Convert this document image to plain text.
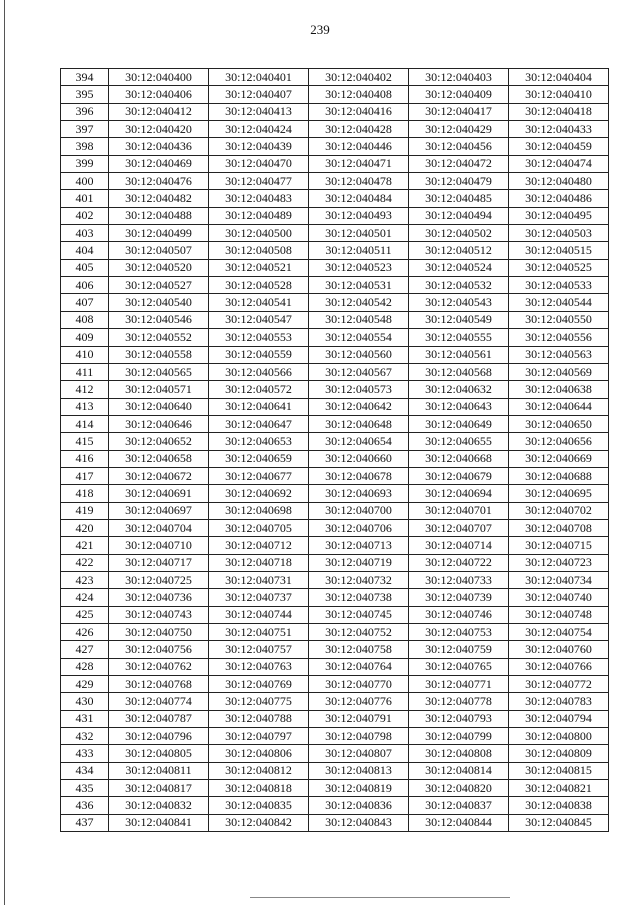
239
394	30:12:040400	30:12:040401	30:12:040402	30:12:040403	30:12:040404
395	30:12:040406	30:12:040407	30:12:040408	30:12:040409	30:12:040410
396	30:12:040412	30:12:040413	30:12:040416	30:12:040417	30:12:040418
397	30:12:040420	30:12:040424	30:12:040428	30:12:040429	30:12:040433
398	30:12:040436	30:12:040439	30:12:040446	30:12:040456	30:12:040459
399	30:12:040469	30:12:040470	30:12:040471	30:12:040472	30:12:040474
400	30:12:040476	30:12:040477	30:12:040478	30:12:040479	30:12:040480
401	30:12:040482	30:12:040483	30:12:040484	30:12:040485	30:12:040486
402	30:12:040488	30:12:040489	30:12:040493	30:12:040494	30:12:040495
403	30:12:040499	30:12:040500	30:12:040501	30:12:040502	30:12:040503
404	30:12:040507	30:12:040508	30:12:040511	30:12:040512	30:12:040515
405	30:12:040520	30:12:040521	30:12:040523	30:12:040524	30:12:040525
406	30:12:040527	30:12:040528	30:12:040531	30:12:040532	30:12:040533
407	30:12:040540	30:12:040541	30:12:040542	30:12:040543	30:12:040544
408	30:12:040546	30:12:040547	30:12:040548	30:12:040549	30:12:040550
409	30:12:040552	30:12:040553	30:12:040554	30:12:040555	30:12:040556
410	30:12:040558	30:12:040559	30:12:040560	30:12:040561	30:12:040563
411	30:12:040565	30:12:040566	30:12:040567	30:12:040568	30:12:040569
412	30:12:040571	30:12:040572	30:12:040573	30:12:040632	30:12:040638
413	30:12:040640	30:12:040641	30:12:040642	30:12:040643	30:12:040644
414	30:12:040646	30:12:040647	30:12:040648	30:12:040649	30:12:040650
415	30:12:040652	30:12:040653	30:12:040654	30:12:040655	30:12:040656
416	30:12:040658	30:12:040659	30:12:040660	30:12:040668	30:12:040669
417	30:12:040672	30:12:040677	30:12:040678	30:12:040679	30:12:040688
418	30:12:040691	30:12:040692	30:12:040693	30:12:040694	30:12:040695
419	30:12:040697	30:12:040698	30:12:040700	30:12:040701	30:12:040702
420	30:12:040704	30:12:040705	30:12:040706	30:12:040707	30:12:040708
421	30:12:040710	30:12:040712	30:12:040713	30:12:040714	30:12:040715
422	30:12:040717	30:12:040718	30:12:040719	30:12:040722	30:12:040723
423	30:12:040725	30:12:040731	30:12:040732	30:12:040733	30:12:040734
424	30:12:040736	30:12:040737	30:12:040738	30:12:040739	30:12:040740
425	30:12:040743	30:12:040744	30:12:040745	30:12:040746	30:12:040748
426	30:12:040750	30:12:040751	30:12:040752	30:12:040753	30:12:040754
427	30:12:040756	30:12:040757	30:12:040758	30:12:040759	30:12:040760
428	30:12:040762	30:12:040763	30:12:040764	30:12:040765	30:12:040766
429	30:12:040768	30:12:040769	30:12:040770	30:12:040771	30:12:040772
430	30:12:040774	30:12:040775	30:12:040776	30:12:040778	30:12:040783
431	30:12:040787	30:12:040788	30:12:040791	30:12:040793	30:12:040794
432	30:12:040796	30:12:040797	30:12:040798	30:12:040799	30:12:040800
433	30:12:040805	30:12:040806	30:12:040807	30:12:040808	30:12:040809
434	30:12:040811	30:12:040812	30:12:040813	30:12:040814	30:12:040815
435	30:12:040817	30:12:040818	30:12:040819	30:12:040820	30:12:040821
436	30:12:040832	30:12:040835	30:12:040836	30:12:040837	30:12:040838
437	30:12:040841	30:12:040842	30:12:040843	30:12:040844	30:12:040845
